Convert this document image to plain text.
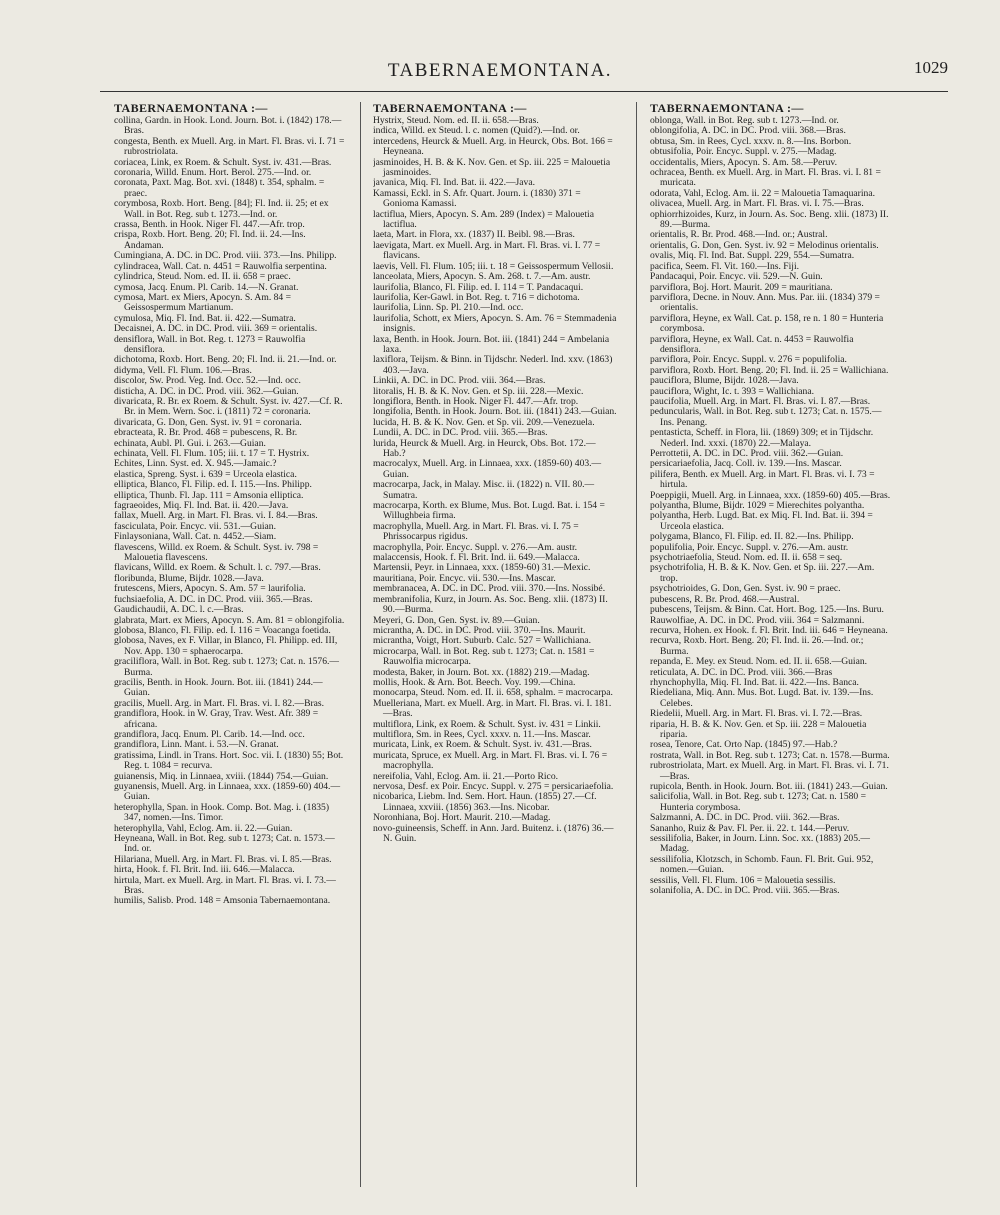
TABERNAEMONTANA.	1029
TABERNAEMONTANA :—

collina, Gardn. in Hook. Lond. Journ. Bot. i. (1842) 178.—Bras.

congesta, Benth. ex Muell. Arg. in Mart. Fl. Bras. vi. I. 71 = rubrostriolata.

coriacea, Link, ex Roem. & Schult. Syst. iv. 431.—Bras.

coronaria, Willd. Enum. Hort. Berol. 275.—Ind. or.

coronata, Paxt. Mag. Bot. xvi. (1848) t. 354, sphalm. = praec.

corymbosa, Roxb. Hort. Beng. [84]; Fl. Ind. ii. 25; et ex Wall. in Bot. Reg. sub t. 1273.—Ind. or.

crassa, Benth. in Hook. Niger Fl. 447.—Afr. trop.

crispa, Roxb. Hort. Beng. 20; Fl. Ind. ii. 24.—Ins. Andaman.

Cumingiana, A. DC. in DC. Prod. viii. 373.—Ins. Philipp.

cylindracea, Wall. Cat. n. 4451 = Rauwolfia serpentina.

cylindrica, Steud. Nom. ed. II. ii. 658 = praec.

cymosa, Jacq. Enum. Pl. Carib. 14.—N. Granat.

cymosa, Mart. ex Miers, Apocyn. S. Am. 84 = Geissospermum Martianum.

cymulosa, Miq. Fl. Ind. Bat. ii. 422.—Sumatra.

Decaisnei, A. DC. in DC. Prod. viii. 369 = orientalis.

densiflora, Wall. in Bot. Reg. t. 1273 = Rauwolfia densiflora.

dichotoma, Roxb. Hort. Beng. 20; Fl. Ind. ii. 21.—Ind. or.

didyma, Vell. Fl. Flum. 106.—Bras.

discolor, Sw. Prod. Veg. Ind. Occ. 52.—Ind. occ.

disticha, A. DC. in DC. Prod. viii. 362.—Guian.

divaricata, R. Br. ex Roem. & Schult. Syst. iv. 427.—Cf. R. Br. in Mem. Wern. Soc. i. (1811) 72 = coronaria.

divaricata, G. Don, Gen. Syst. iv. 91 = coronaria.

ebracteata, R. Br. Prod. 468 = pubescens, R. Br.

echinata, Aubl. Pl. Gui. i. 263.—Guian.

echinata, Vell. Fl. Flum. 105; iii. t. 17 = T. Hystrix.

Echites, Linn. Syst. ed. X. 945.—Jamaic.?

elastica, Spreng. Syst. i. 639 = Urceola elastica.

elliptica, Blanco, Fl. Filip. ed. I. 115.—Ins. Philipp.

elliptica, Thunb. Fl. Jap. 111 = Amsonia elliptica.

fagraeoides, Miq. Fl. Ind. Bat. ii. 420.—Java.

fallax, Muell. Arg. in Mart. Fl. Bras. vi. I. 84.—Bras.

fasciculata, Poir. Encyc. vii. 531.—Guian.

Finlaysoniana, Wall. Cat. n. 4452.—Siam.

flavescens, Willd. ex Roem. & Schult. Syst. iv. 798 = Malouetia flavescens.

flavicans, Willd. ex Roem. & Schult. l. c. 797.—Bras.

floribunda, Blume, Bijdr. 1028.—Java.

frutescens, Miers, Apocyn. S. Am. 57 = laurifolia.

fuchsiaefolia, A. DC. in DC. Prod. viii. 365.—Bras.

Gaudichaudii, A. DC. l. c.—Bras.

glabrata, Mart. ex Miers, Apocyn. S. Am. 81 = oblongifolia.

globosa, Blanco, Fl. Filip. ed. I. 116 = Voacanga foetida.

globosa, Naves, ex F. Villar, in Blanco, Fl. Philipp. ed. III, Nov. App. 130 = sphaerocarpa.

graciliflora, Wall. in Bot. Reg. sub t. 1273; Cat. n. 1576.—Burma.

gracilis, Benth. in Hook. Journ. Bot. iii. (1841) 244.—Guian.

gracilis, Muell. Arg. in Mart. Fl. Bras. vi. I. 82.—Bras.

grandiflora, Hook. in W. Gray, Trav. West. Afr. 389 = africana.

grandiflora, Jacq. Enum. Pl. Carib. 14.—Ind. occ.

grandiflora, Linn. Mant. i. 53.—N. Granat.

gratissima, Lindl. in Trans. Hort. Soc. vii. I. (1830) 55; Bot. Reg. t. 1084 = recurva.

guianensis, Miq. in Linnaea, xviii. (1844) 754.—Guian.

guyanensis, Muell. Arg. in Linnaea, xxx. (1859-60) 404.—Guian.

heterophylla, Span. in Hook. Comp. Bot. Mag. i. (1835) 347, nomen.—Ins. Timor.

heterophylla, Vahl, Eclog. Am. ii. 22.—Guian.

Heyneana, Wall. in Bot. Reg. sub t. 1273; Cat. n. 1573.—Ind. or.

Hilariana, Muell. Arg. in Mart. Fl. Bras. vi. I. 85.—Bras.

hirta, Hook. f. Fl. Brit. Ind. iii. 646.—Malacca.

hirtula, Mart. ex Muell. Arg. in Mart. Fl. Bras. vi. I. 73.—Bras.

humilis, Salisb. Prod. 148 = Amsonia Tabernaemontana.

TABERNAEMONTANA :—

Hystrix, Steud. Nom. ed. II. ii. 658.—Bras.

indica, Willd. ex Steud. l. c. nomen (Quid?).—Ind. or.

intercedens, Heurck & Muell. Arg. in Heurck, Obs. Bot. 166 = Heyneana.

jasminoides, H. B. & K. Nov. Gen. et Sp. iii. 225 = Malouetia jasminoides.

javanica, Miq. Fl. Ind. Bat. ii. 422.—Java.

Kamassi, Eckl. in S. Afr. Quart. Journ. i. (1830) 371 = Gonioma Kamassi.

lactiflua, Miers, Apocyn. S. Am. 289 (Index) = Malouetia lactiflua.

laeta, Mart. in Flora, xx. (1837) II. Beibl. 98.—Bras.

laevigata, Mart. ex Muell. Arg. in Mart. Fl. Bras. vi. I. 77 = flavicans.

laevis, Vell. Fl. Flum. 105; iii. t. 18 = Geissospermum Vellosii.

lanceolata, Miers, Apocyn. S. Am. 268. t. 7.—Am. austr.

laurifolia, Blanco, Fl. Filip. ed. I. 114 = T. Pandacaqui.

laurifolia, Ker-Gawl. in Bot. Reg. t. 716 = dichotoma.

laurifolia, Linn. Sp. Pl. 210.—Ind. occ.

laurifolia, Schott, ex Miers, Apocyn. S. Am. 76 = Stemmadenia insignis.

laxa, Benth. in Hook. Journ. Bot. iii. (1841) 244 = Ambelania laxa.

laxiflora, Teijsm. & Binn. in Tijdschr. Nederl. Ind. xxv. (1863) 403.—Java.

Linkii, A. DC. in DC. Prod. viii. 364.—Bras.

litoralis, H. B. & K. Nov. Gen. et Sp. iii. 228.—Mexic.

longiflora, Benth. in Hook. Niger Fl. 447.—Afr. trop.

longifolia, Benth. in Hook. Journ. Bot. iii. (1841) 243.—Guian.

lucida, H. B. & K. Nov. Gen. et Sp. vii. 209.—Venezuela.

Lundii, A. DC. in DC. Prod. viii. 365.—Bras.

lurida, Heurck & Muell. Arg. in Heurck, Obs. Bot. 172.—Hab.?

macrocalyx, Muell. Arg. in Linnaea, xxx. (1859-60) 403.—Guian.

macrocarpa, Jack, in Malay. Misc. ii. (1822) n. VII. 80.—Sumatra.

macrocarpa, Korth. ex Blume, Mus. Bot. Lugd. Bat. i. 154 = Willughbeia firma.

macrophylla, Muell. Arg. in Mart. Fl. Bras. vi. I. 75 = Phrissocarpus rigidus.

macrophylla, Poir. Encyc. Suppl. v. 276.—Am. austr.

malaccensis, Hook. f. Fl. Brit. Ind. ii. 649.—Malacca.

Martensii, Peyr. in Linnaea, xxx. (1859-60) 31.—Mexic.

mauritiana, Poir. Encyc. vii. 530.—Ins. Mascar.

membranacea, A. DC. in DC. Prod. viii. 370.—Ins. Nossibé.

membranifolia, Kurz, in Journ. As. Soc. Beng. xlii. (1873) II. 90.—Burma.

Meyeri, G. Don, Gen. Syst. iv. 89.—Guian.

micrantha, A. DC. in DC. Prod. viii. 370.—Ins. Maurit.

micrantha, Voigt, Hort. Suburb. Calc. 527 = Wallichiana.

microcarpa, Wall. in Bot. Reg. sub t. 1273; Cat. n. 1581 = Rauwolfia microcarpa.

modesta, Baker, in Journ. Bot. xx. (1882) 219.—Madag.

mollis, Hook. & Arn. Bot. Beech. Voy. 199.—China.

monocarpa, Steud. Nom. ed. II. ii. 658, sphalm. = macrocarpa.

Muelleriana, Mart. ex Muell. Arg. in Mart. Fl. Bras. vi. I. 181.—Bras.

multiflora, Link, ex Roem. & Schult. Syst. iv. 431 = Linkii.

multiflora, Sm. in Rees, Cycl. xxxv. n. 11.—Ins. Mascar.

muricata, Link, ex Roem. & Schult. Syst. iv. 431.—Bras.

muricata, Spruce, ex Muell. Arg. in Mart. Fl. Bras. vi. I. 76 = macrophylla.

nereifolia, Vahl, Eclog. Am. ii. 21.—Porto Rico.

nervosa, Desf. ex Poir. Encyc. Suppl. v. 275 = persicariaefolia.

nicobarica, Liebm. Ind. Sem. Hort. Haun. (1855) 27.—Cf. Linnaea, xxviii. (1856) 363.—Ins. Nicobar.

Noronhiana, Boj. Hort. Maurit. 210.—Madag.

novo-guineensis, Scheff. in Ann. Jard. Buitenz. i. (1876) 36.—N. Guin.

TABERNAEMONTANA :—

oblonga, Wall. in Bot. Reg. sub t. 1273.—Ind. or.

oblongifolia, A. DC. in DC. Prod. viii. 368.—Bras.

obtusa, Sm. in Rees, Cycl. xxxv. n. 8.—Ins. Borbon.

obtusifolia, Poir. Encyc. Suppl. v. 275.—Madag.

occidentalis, Miers, Apocyn. S. Am. 58.—Peruv.

ochracea, Benth. ex Muell. Arg. in Mart. Fl. Bras. vi. I. 81 = muricata.

odorata, Vahl, Eclog. Am. ii. 22 = Malouetia Tamaquarina.

olivacea, Muell. Arg. in Mart. Fl. Bras. vi. I. 75.—Bras.

ophiorrhizoides, Kurz, in Journ. As. Soc. Beng. xlii. (1873) II. 89.—Burma.

orientalis, R. Br. Prod. 468.—Ind. or.; Austral.

orientalis, G. Don, Gen. Syst. iv. 92 = Melodinus orientalis.

ovalis, Miq. Fl. Ind. Bat. Suppl. 229, 554.—Sumatra.

pacifica, Seem. Fl. Vit. 160.—Ins. Fiji.

Pandacaqui, Poir. Encyc. vii. 529.—N. Guin.

parviflora, Boj. Hort. Maurit. 209 = mauritiana.

parviflora, Decne. in Nouv. Ann. Mus. Par. iii. (1834) 379 = orientalis.

parviflora, Heyne, ex Wall. Cat. p. 158, re n. 1 80 = Hunteria corymbosa.

parviflora, Heyne, ex Wall. Cat. n. 4453 = Rauwolfia densiflora.

parviflora, Poir. Encyc. Suppl. v. 276 = populifolia.

parviflora, Roxb. Hort. Beng. 20; Fl. Ind. ii. 25 = Wallichiana.

pauciflora, Blume, Bijdr. 1028.—Java.

pauciflora, Wight, Ic. t. 393 = Wallichiana.

paucifolia, Muell. Arg. in Mart. Fl. Bras. vi. I. 87.—Bras.

peduncularis, Wall. in Bot. Reg. sub t. 1273; Cat. n. 1575.—Ins. Penang.

pentasticta, Scheff. in Flora, lii. (1869) 309; et in Tijdschr. Nederl. Ind. xxxi. (1870) 22.—Malaya.

Perrottetii, A. DC. in DC. Prod. viii. 362.—Guian.

persicariaefolia, Jacq. Coll. iv. 139.—Ins. Mascar.

pilifera, Benth. ex Muell. Arg. in Mart. Fl. Bras. vi. I. 73 = hirtula.

Poeppigii, Muell. Arg. in Linnaea, xxx. (1859-60) 405.—Bras.

polyantha, Blume, Bijdr. 1029 = Mierechites polyantha.

polyantha, Herb. Lugd. Bat. ex Miq. Fl. Ind. Bat. ii. 394 = Urceola elastica.

polygama, Blanco, Fl. Filip. ed. II. 82.—Ins. Philipp.

populifolia, Poir. Encyc. Suppl. v. 276.—Am. austr.

psychotriaefolia, Steud. Nom. ed. II. ii. 658 = seq.

psychotrifolia, H. B. & K. Nov. Gen. et Sp. iii. 227.—Am. trop.

psychotrioides, G. Don, Gen. Syst. iv. 90 = praec.

pubescens, R. Br. Prod. 468.—Austral.

pubescens, Teijsm. & Binn. Cat. Hort. Bog. 125.—Ins. Buru.

Rauwolfiae, A. DC. in DC. Prod. viii. 364 = Salzmanni.

recurva, Hohen. ex Hook. f. Fl. Brit. Ind. iii. 646 = Heyneana.

recurva, Roxb. Hort. Beng. 20; Fl. Ind. ii. 26.—Ind. or.; Burma.

repanda, E. Mey. ex Steud. Nom. ed. II. ii. 658.—Guian.

reticulata, A. DC. in DC. Prod. viii. 366.—Bras

rhynchophylla, Miq. Fl. Ind. Bat. ii. 422.—Ins. Banca.

Riedeliana, Miq. Ann. Mus. Bot. Lugd. Bat. iv. 139.—Ins. Celebes.

Riedelii, Muell. Arg. in Mart. Fl. Bras. vi. I. 72.—Bras.

riparia, H. B. & K. Nov. Gen. et Sp. iii. 228 = Malouetia riparia.

rosea, Tenore, Cat. Orto Nap. (1845) 97.—Hab.?

rostrata, Wall. in Bot. Reg. sub t. 1273; Cat. n. 1578.—Burma.

rubrostriolata, Mart. ex Muell. Arg. in Mart. Fl. Bras. vi. I. 71.—Bras.

rupicola, Benth. in Hook. Journ. Bot. iii. (1841) 243.—Guian.

salicifolia, Wall. in Bot. Reg. sub t. 1273; Cat. n. 1580 = Hunteria corymbosa.

Salzmanni, A. DC. in DC. Prod. viii. 362.—Bras.

Sananho, Ruiz & Pav. Fl. Per. ii. 22. t. 144.—Peruv.

sessilifolia, Baker, in Journ. Linn. Soc. xx. (1883) 205.—Madag.

sessilifolia, Klotzsch, in Schomb. Faun. Fl. Brit. Gui. 952, nomen.—Guian.

sessilis, Vell. Fl. Flum. 106 = Malouetia sessilis.

solanifolia, A. DC. in DC. Prod. viii. 365.—Bras.
